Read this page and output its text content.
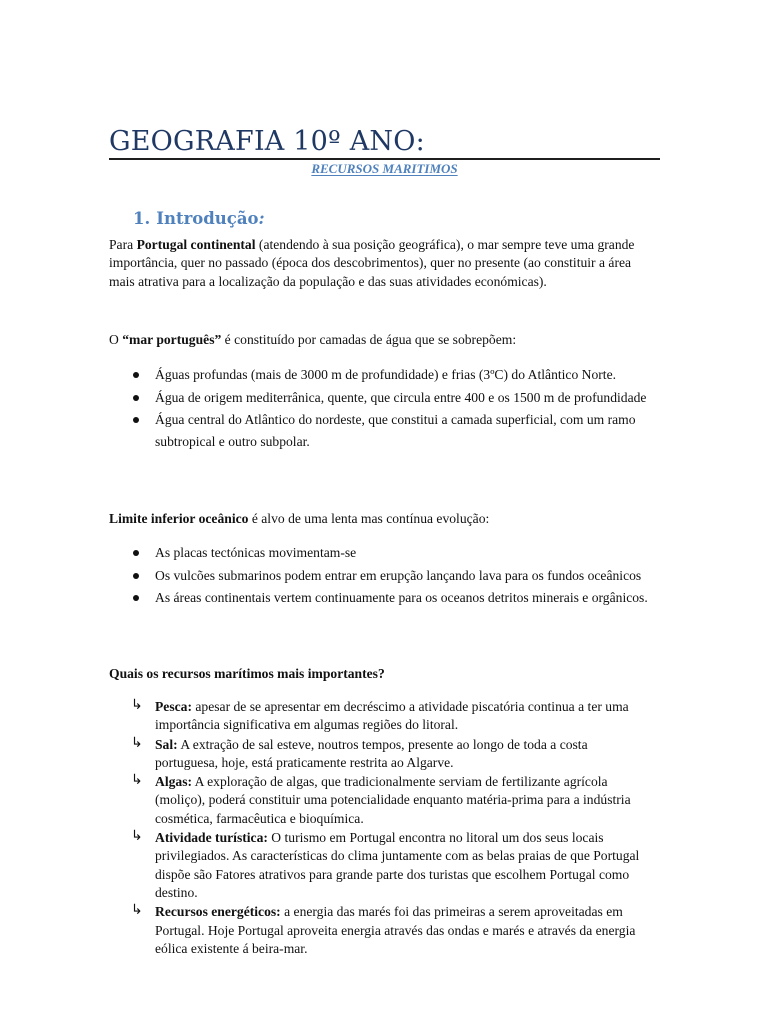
GEOGRAFIA 10º ANO:
RECURSOS MARITIMOS
1. Introdução:

Para Portugal continental (atendendo à sua posição geográfica), o mar sempre teve uma grande importância, quer no passado (época dos descobrimentos), quer no presente (ao constituir a área mais atrativa para a localização da população e das suas atividades económicas).

O “mar português” é constituído por camadas de água que se sobrepõem:

Águas profundas (mais de 3000 m de profundidade) e frias (3ºC) do Atlântico Norte.
Água de origem mediterrânica, quente, que circula entre 400 e os 1500 m de profundidade
Água central do Atlântico do nordeste, que constitui a camada superficial, com um ramo subtropical e outro subpolar.

Limite inferior oceânico é alvo de uma lenta mas contínua evolução:

As placas tectónicas movimentam-se
Os vulcões submarinos podem entrar em erupção lançando lava para os fundos oceânicos
As áreas continentais vertem continuamente para os oceanos detritos minerais e orgânicos.

Quais os recursos marítimos mais importantes?

↳ Pesca: apesar de se apresentar em decréscimo a atividade piscatória continua a ter uma importância significativa em algumas regiões do litoral.
↳ Sal: A extração de sal esteve, noutros tempos, presente ao longo de toda a costa portuguesa, hoje, está praticamente restrita ao Algarve.
↳ Algas: A exploração de algas, que tradicionalmente serviam de fertilizante agrícola (moliço), poderá constituir uma potencialidade enquanto matéria-prima para a indústria cosmética, farmacêutica e bioquímica.
↳ Atividade turística: O turismo em Portugal encontra no litoral um dos seus locais privilegiados. As características do clima juntamente com as belas praias de que Portugal dispõe são Fatores atrativos para grande parte dos turistas que escolhem Portugal como destino.
↳ Recursos energéticos: a energia das marés foi das primeiras a serem aproveitadas em Portugal. Hoje Portugal aproveita energia através das ondas e marés e através da energia eólica existente á beira-mar.
